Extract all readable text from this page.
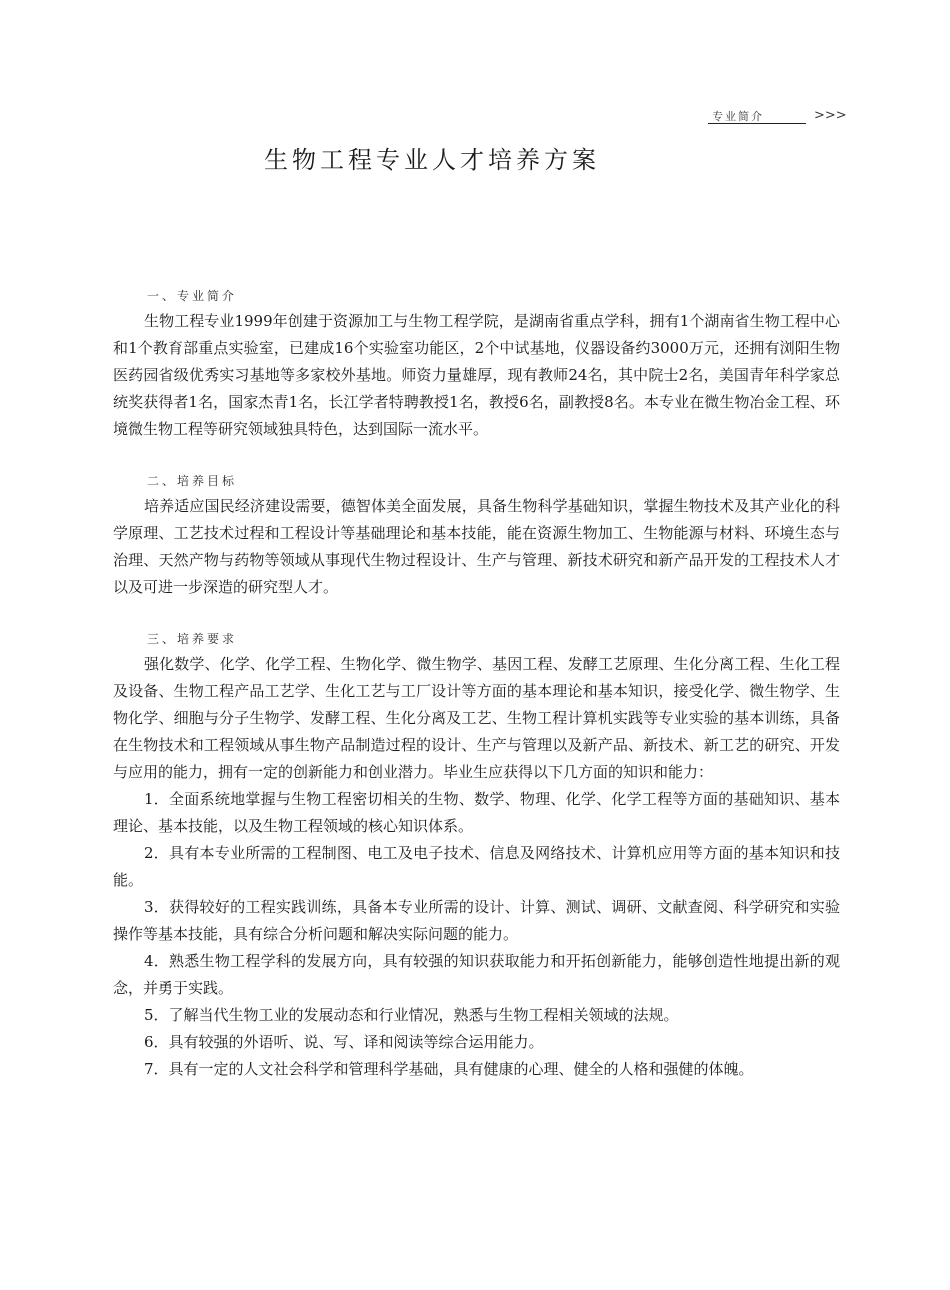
专业简介	>>>
生物工程专业人才培养方案
一、专业简介

生物工程专业1999年创建于资源加工与生物工程学院，是湖南省重点学科，拥有1个湖南省生物工程中心和1个教育部重点实验室，已建成16个实验室功能区，2个中试基地，仪器设备约3000万元，还拥有浏阳生物医药园省级优秀实习基地等多家校外基地。师资力量雄厚，现有教师24名，其中院士2名，美国青年科学家总统奖获得者1名，国家杰青1名，长江学者特聘教授1名，教授6名，副教授8名。本专业在微生物冶金工程、环境微生物工程等研究领域独具特色，达到国际一流水平。

二、培养目标

培养适应国民经济建设需要，德智体美全面发展，具备生物科学基础知识，掌握生物技术及其产业化的科学原理、工艺技术过程和工程设计等基础理论和基本技能，能在资源生物加工、生物能源与材料、环境生态与治理、天然产物与药物等领域从事现代生物过程设计、生产与管理、新技术研究和新产品开发的工程技术人才以及可进一步深造的研究型人才。

三、培养要求

强化数学、化学、化学工程、生物化学、微生物学、基因工程、发酵工艺原理、生化分离工程、生化工程及设备、生物工程产品工艺学、生化工艺与工厂设计等方面的基本理论和基本知识，接受化学、微生物学、生物化学、细胞与分子生物学、发酵工程、生化分离及工艺、生物工程计算机实践等专业实验的基本训练，具备在生物技术和工程领域从事生物产品制造过程的设计、生产与管理以及新产品、新技术、新工艺的研究、开发与应用的能力，拥有一定的创新能力和创业潜力。毕业生应获得以下几方面的知识和能力：

1．全面系统地掌握与生物工程密切相关的生物、数学、物理、化学、化学工程等方面的基础知识、基本理论、基本技能，以及生物工程领域的核心知识体系。

2．具有本专业所需的工程制图、电工及电子技术、信息及网络技术、计算机应用等方面的基本知识和技能。

3．获得较好的工程实践训练，具备本专业所需的设计、计算、测试、调研、文献查阅、科学研究和实验操作等基本技能，具有综合分析问题和解决实际问题的能力。

4．熟悉生物工程学科的发展方向，具有较强的知识获取能力和开拓创新能力，能够创造性地提出新的观念，并勇于实践。

5．了解当代生物工业的发展动态和行业情况，熟悉与生物工程相关领域的法规。

6．具有较强的外语听、说、写、译和阅读等综合运用能力。

7．具有一定的人文社会科学和管理科学基础，具有健康的心理、健全的人格和强健的体魄。
